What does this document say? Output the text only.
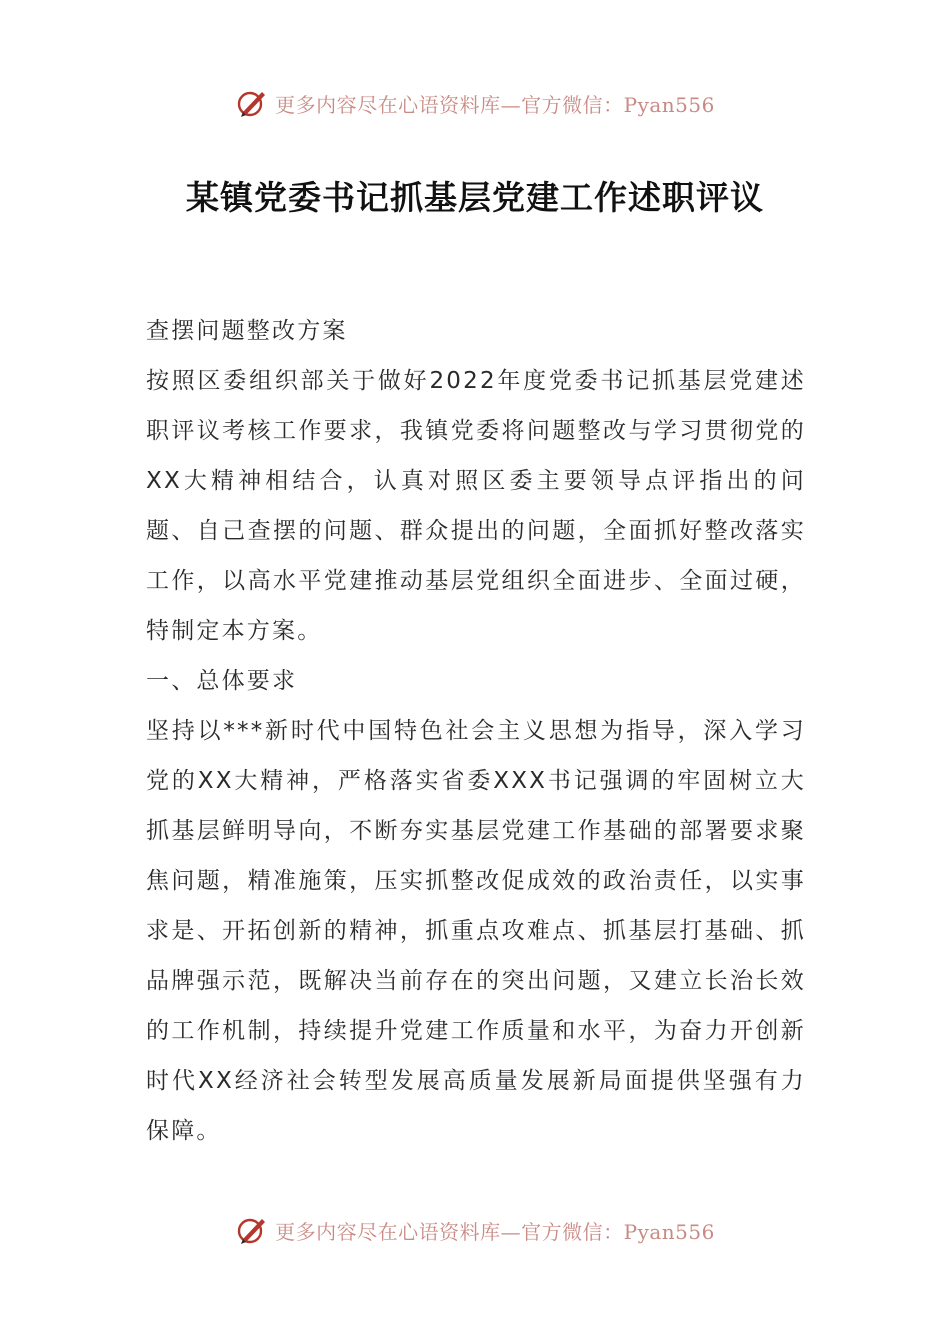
更多内容尽在心语资料库—官方微信：Pyan556
某镇党委书记抓基层党建工作述职评议

查摆问题整改方案

按照区委组织部关于做好2022年度党委书记抓基层党建述职评议考核工作要求，我镇党委将问题整改与学习贯彻党的XX大精神相结合，认真对照区委主要领导点评指出的问题、自己查摆的问题、群众提出的问题，全面抓好整改落实工作，以高水平党建推动基层党组织全面进步、全面过硬，特制定本方案。

一、总体要求

坚持以***新时代中国特色社会主义思想为指导，深入学习党的XX大精神，严格落实省委XXX书记强调的牢固树立大抓基层鲜明导向，不断夯实基层党建工作基础的部署要求聚焦问题，精准施策，压实抓整改促成效的政治责任，以实事求是、开拓创新的精神，抓重点攻难点、抓基层打基础、抓品牌强示范，既解决当前存在的突出问题，又建立长治长效的工作机制，持续提升党建工作质量和水平，为奋力开创新时代XX经济社会转型发展高质量发展新局面提供坚强有力保障。

更多内容尽在心语资料库—官方微信：Pyan556
